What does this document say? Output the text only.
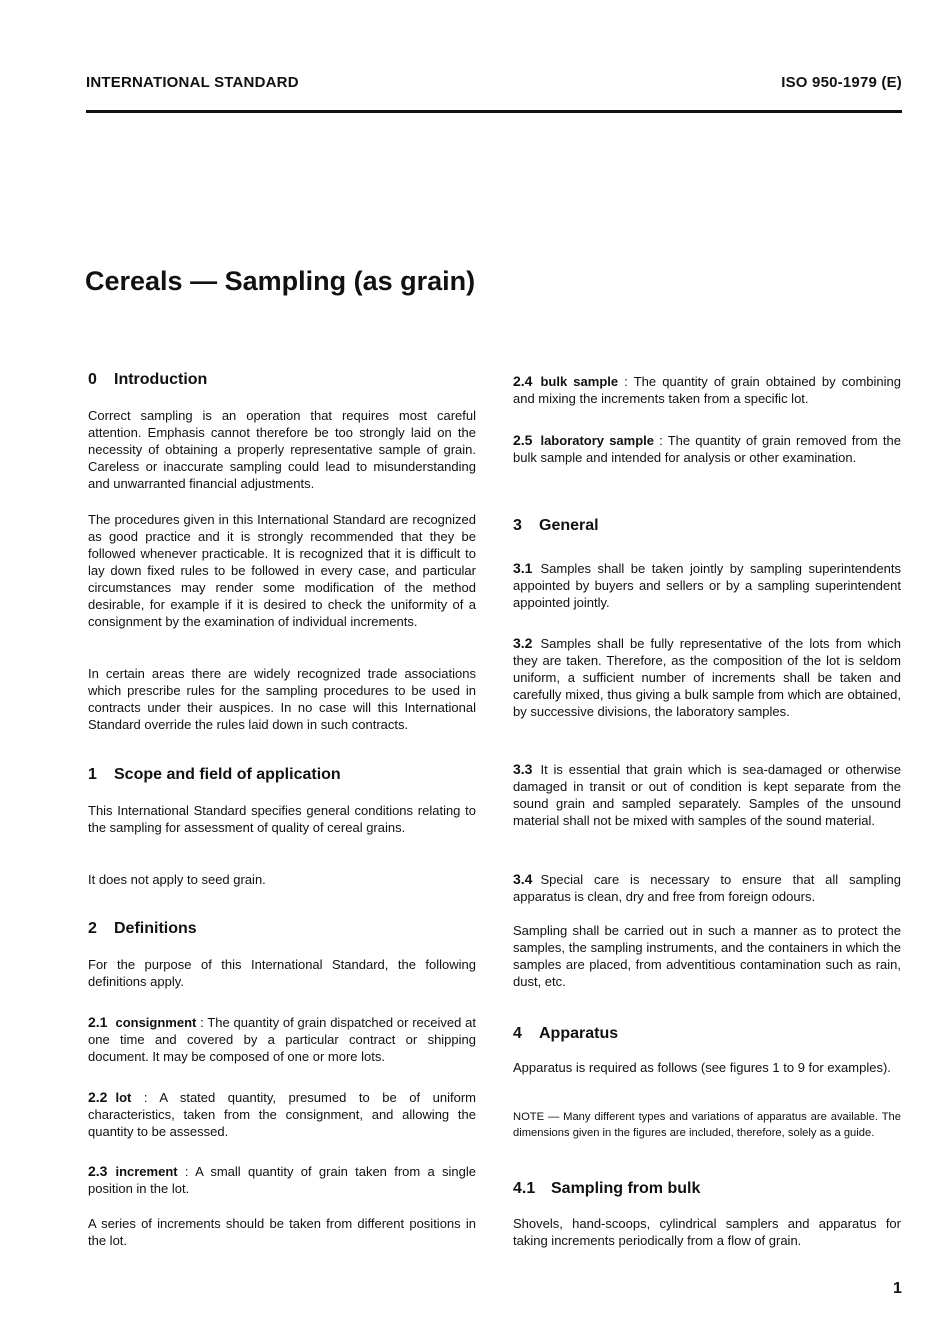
INTERNATIONAL STANDARD	ISO 950-1979 (E)
Cereals — Sampling (as grain)
0 Introduction

Correct sampling is an operation that requires most careful attention. Emphasis cannot therefore be too strongly laid on the necessity of obtaining a properly representative sample of grain. Careless or inaccurate sampling could lead to misunderstanding and unwarranted financial adjustments.

The procedures given in this International Standard are recognized as good practice and it is strongly recommended that they be followed whenever practicable. It is recognized that it is difficult to lay down fixed rules to be followed in every case, and particular circumstances may render some modification of the method desirable, for example if it is desired to check the uniformity of a consignment by the examination of individual increments.

In certain areas there are widely recognized trade associations which prescribe rules for the sampling procedures to be used in contracts under their auspices. In no case will this International Standard override the rules laid down in such contracts.

1 Scope and field of application

This International Standard specifies general conditions relating to the sampling for assessment of quality of cereal grains.

It does not apply to seed grain.

2 Definitions

For the purpose of this International Standard, the following definitions apply.

2.1 consignment : The quantity of grain dispatched or received at one time and covered by a particular contract or shipping document. It may be composed of one or more lots.

2.2 lot : A stated quantity, presumed to be of uniform characteristics, taken from the consignment, and allowing the quantity to be assessed.

2.3 increment : A small quantity of grain taken from a single position in the lot.

A series of increments should be taken from different positions in the lot.

2.4 bulk sample : The quantity of grain obtained by combining and mixing the increments taken from a specific lot.

2.5 laboratory sample : The quantity of grain removed from the bulk sample and intended for analysis or other examination.

3 General

3.1 Samples shall be taken jointly by sampling superintendents appointed by buyers and sellers or by a sampling superintendent appointed jointly.

3.2 Samples shall be fully representative of the lots from which they are taken. Therefore, as the composition of the lot is seldom uniform, a sufficient number of increments shall be taken and carefully mixed, thus giving a bulk sample from which are obtained, by successive divisions, the laboratory samples.

3.3 It is essential that grain which is sea-damaged or otherwise damaged in transit or out of condition is kept separate from the sound grain and sampled separately. Samples of the unsound material shall not be mixed with samples of the sound material.

3.4 Special care is necessary to ensure that all sampling apparatus is clean, dry and free from foreign odours.

Sampling shall be carried out in such a manner as to protect the samples, the sampling instruments, and the containers in which the samples are placed, from adventitious contamination such as rain, dust, etc.

4 Apparatus

Apparatus is required as follows (see figures 1 to 9 for examples).

NOTE — Many different types and variations of apparatus are available. The dimensions given in the figures are included, therefore, solely as a guide.

4.1 Sampling from bulk

Shovels, hand-scoops, cylindrical samplers and apparatus for taking increments periodically from a flow of grain.

1
